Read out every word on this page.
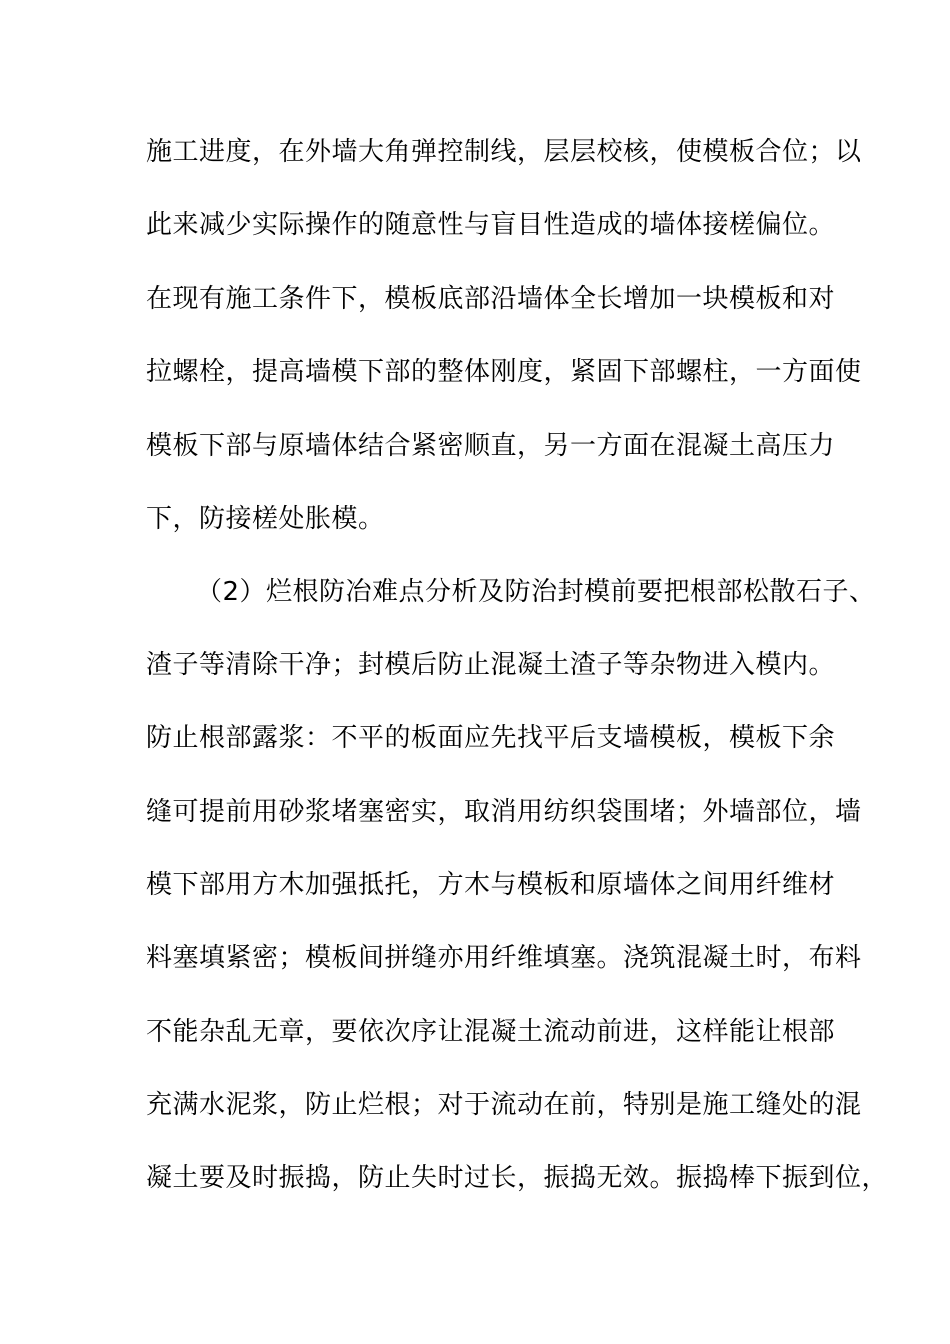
施工进度，在外墙大角弹控制线，层层校核，使模板合位；以
此来减少实际操作的随意性与盲目性造成的墙体接槎偏位。
在现有施工条件下，模板底部沿墙体全长增加一块模板和对
拉螺栓，提高墙模下部的整体刚度，紧固下部螺柱，一方面使
模板下部与原墙体结合紧密顺直，另一方面在混凝土高压力
下，防接槎处胀模。
（2）烂根防冶难点分析及防治封模前要把根部松散石子、
渣子等清除干净；封模后防止混凝土渣子等杂物进入模内。
防止根部露浆：不平的板面应先找平后支墙模板，模板下余
缝可提前用砂浆堵塞密实，取消用纺织袋围堵；外墙部位，墙
模下部用方木加强抵托，方木与模板和原墙体之间用纤维材
料塞填紧密；模板间拼缝亦用纤维填塞。浇筑混凝土时，布料
不能杂乱无章，要依次序让混凝土流动前进，这样能让根部
充满水泥浆，防止烂根；对于流动在前，特别是施工缝处的混
凝土要及时振捣，防止失时过长，振捣无效。振捣棒下振到位，
